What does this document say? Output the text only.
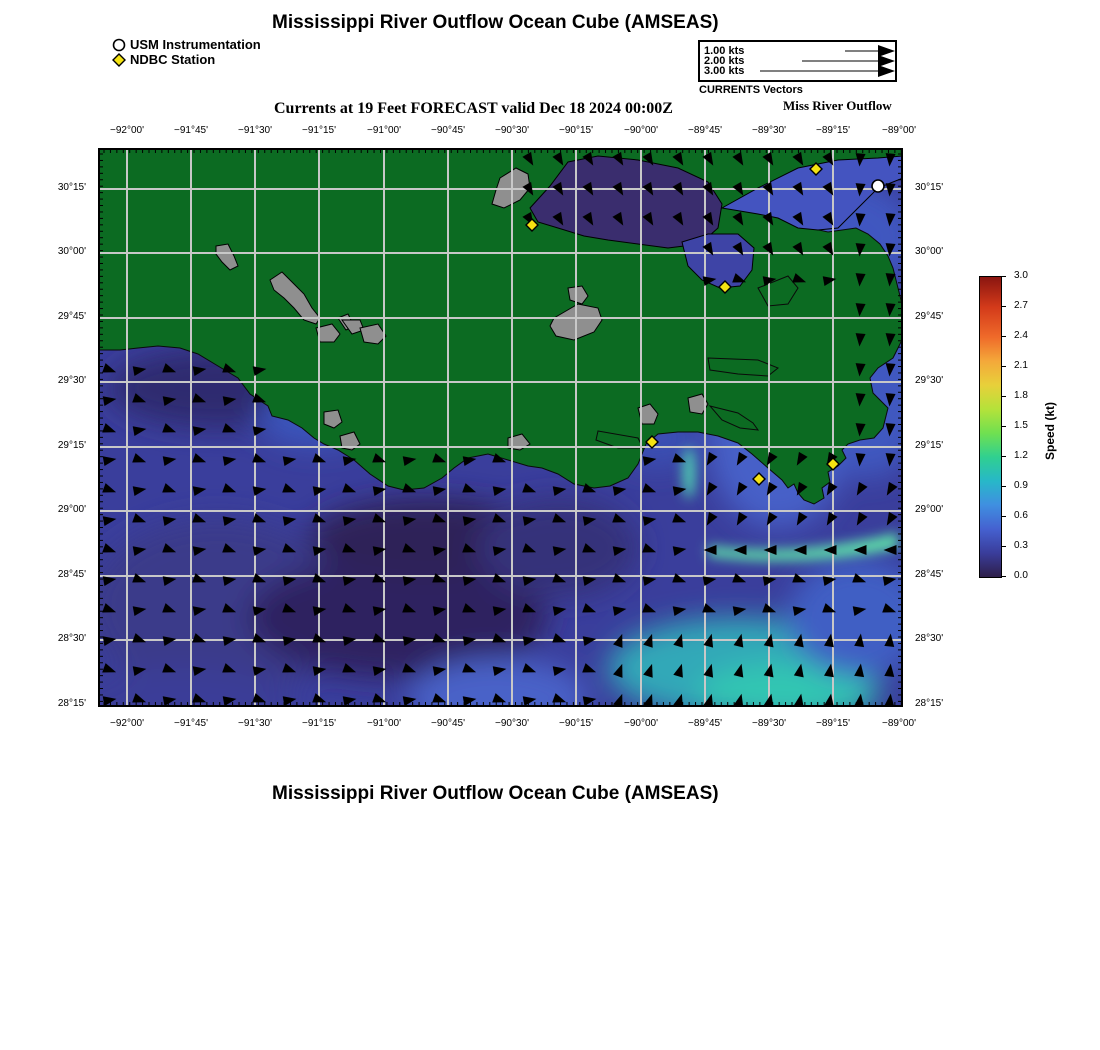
Mississippi River Outflow Ocean Cube (AMSEAS)
USM Instrumentation
NDBC Station
1.00 kts
2.00 kts
3.00 kts
CURRENTS Vectors
Currents at 19 Feet FORECAST valid Dec 18 2024 00:00Z	Miss River Outflow
−92°00'	−91°45'	−91°30'	−91°15'	−91°00'	−90°45'	−90°30'	−90°15'	−90°00'	−89°45'	−89°30'	−89°15'	−89°00'
−92°00'	−91°45'	−91°30'	−91°15'	−91°00'	−90°45'	−90°30'	−90°15'	−90°00'	−89°45'	−89°30'	−89°15'	−89°00'
30°15'
30°00'
29°45'
29°30'
29°15'
29°00'
28°45'
28°30'
28°15'
30°15'
30°00'
29°45'
29°30'
29°15'
29°00'
28°45'
28°30'
28°15'
3.0
2.7
2.4
2.1
1.8
1.5
1.2
0.9
0.6
0.3
0.0
Speed (kt)
Mississippi River Outflow Ocean Cube (AMSEAS)
